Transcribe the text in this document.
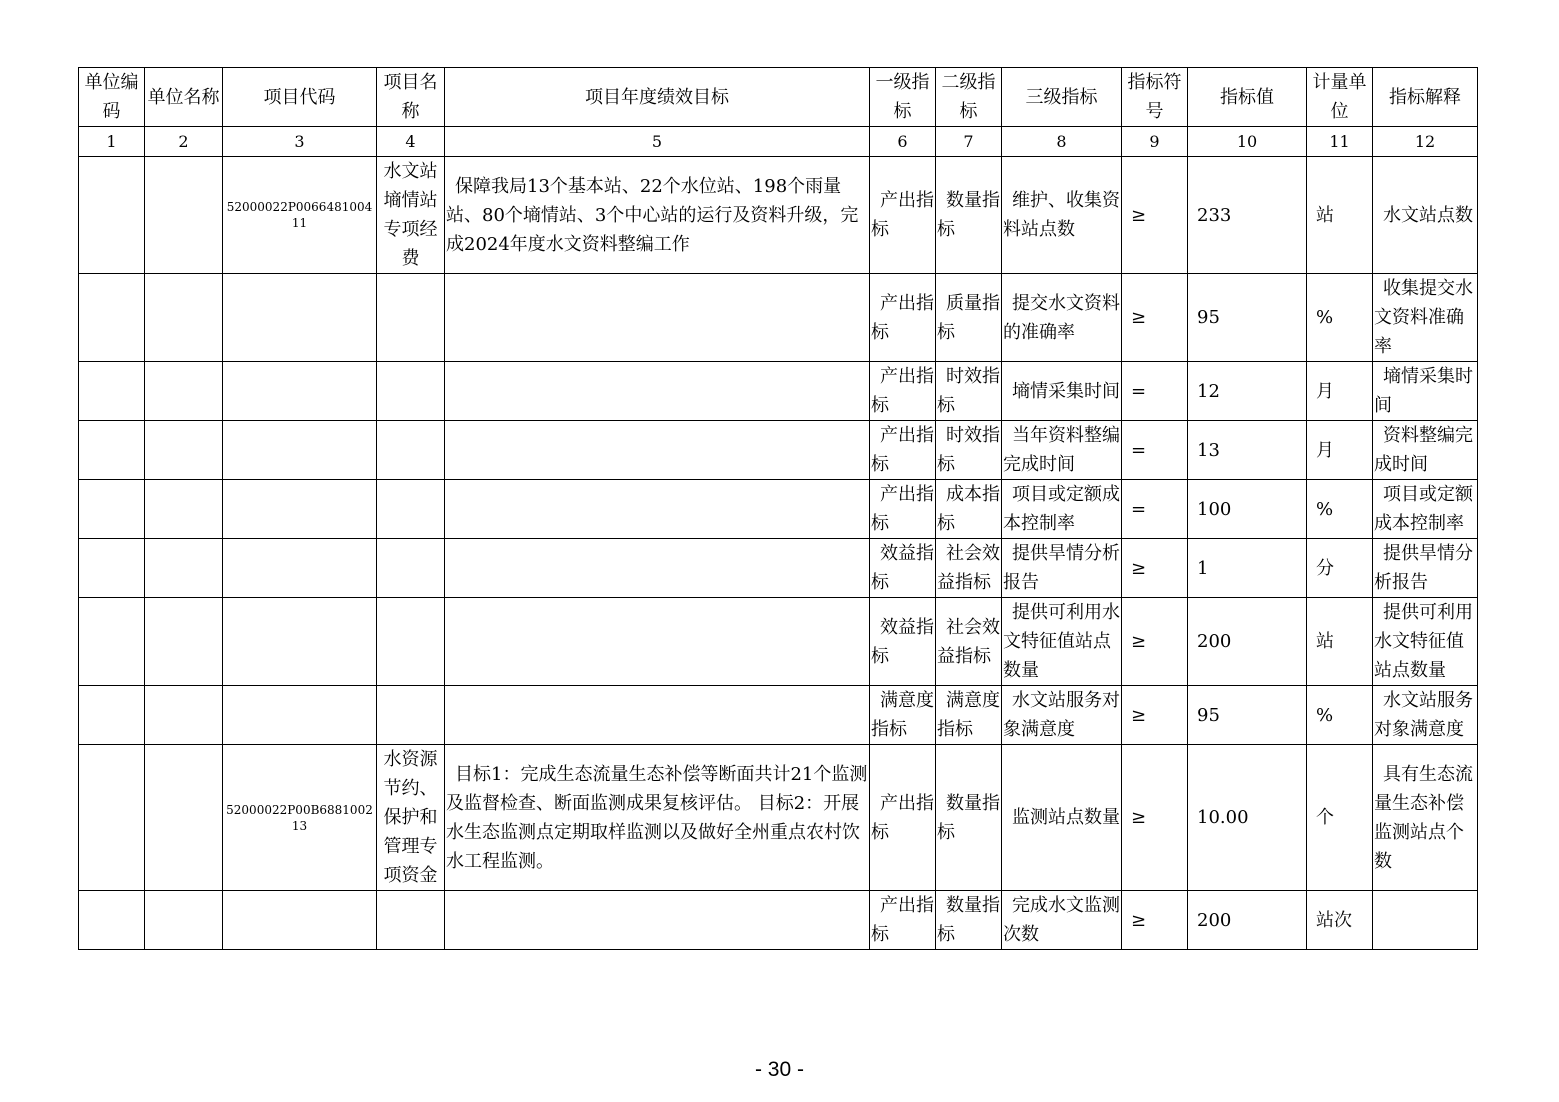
单位编码	单位名称	项目代码	项目名称	项目年度绩效目标	一级指标	二级指标	三级指标	指标符号	指标值	计量单位	指标解释
1	2	3	4	5	6	7	8	9	10	11	12
		52000022P006648100411	水文站墒情站专项经费	保障我局13个基本站、22个水位站、198个雨量站、80个墒情站、3个中心站的运行及资料升级，完成2024年度水文资料整编工作	产出指标	数量指标	维护、收集资料站点数	≥	233	站	水文站点数
					产出指标	质量指标	提交水文资料的准确率	≥	95	%	收集提交水文资料准确率
					产出指标	时效指标	墒情采集时间	=	12	月	墒情采集时间
					产出指标	时效指标	当年资料整编完成时间	=	13	月	资料整编完成时间
					产出指标	成本指标	项目或定额成本控制率	=	100	%	项目或定额成本控制率
					效益指标	社会效益指标	提供旱情分析报告	≥	1	分	提供旱情分析报告
					效益指标	社会效益指标	提供可利用水文特征值站点数量	≥	200	站	提供可利用水文特征值站点数量
					满意度指标	满意度指标	水文站服务对象满意度	≥	95	%	水文站服务对象满意度
		52000022P00B688100213	水资源节约、保护和管理专项资金	目标1：完成生态流量生态补偿等断面共计21个监测及监督检查、断面监测成果复核评估。 目标2：开展水生态监测点定期取样监测以及做好全州重点农村饮水工程监测。	产出指标	数量指标	监测站点数量	≥	10.00	个	具有生态流量生态补偿监测站点个数
					产出指标	数量指标	完成水文监测次数	≥	200	站次	
- 30 -
